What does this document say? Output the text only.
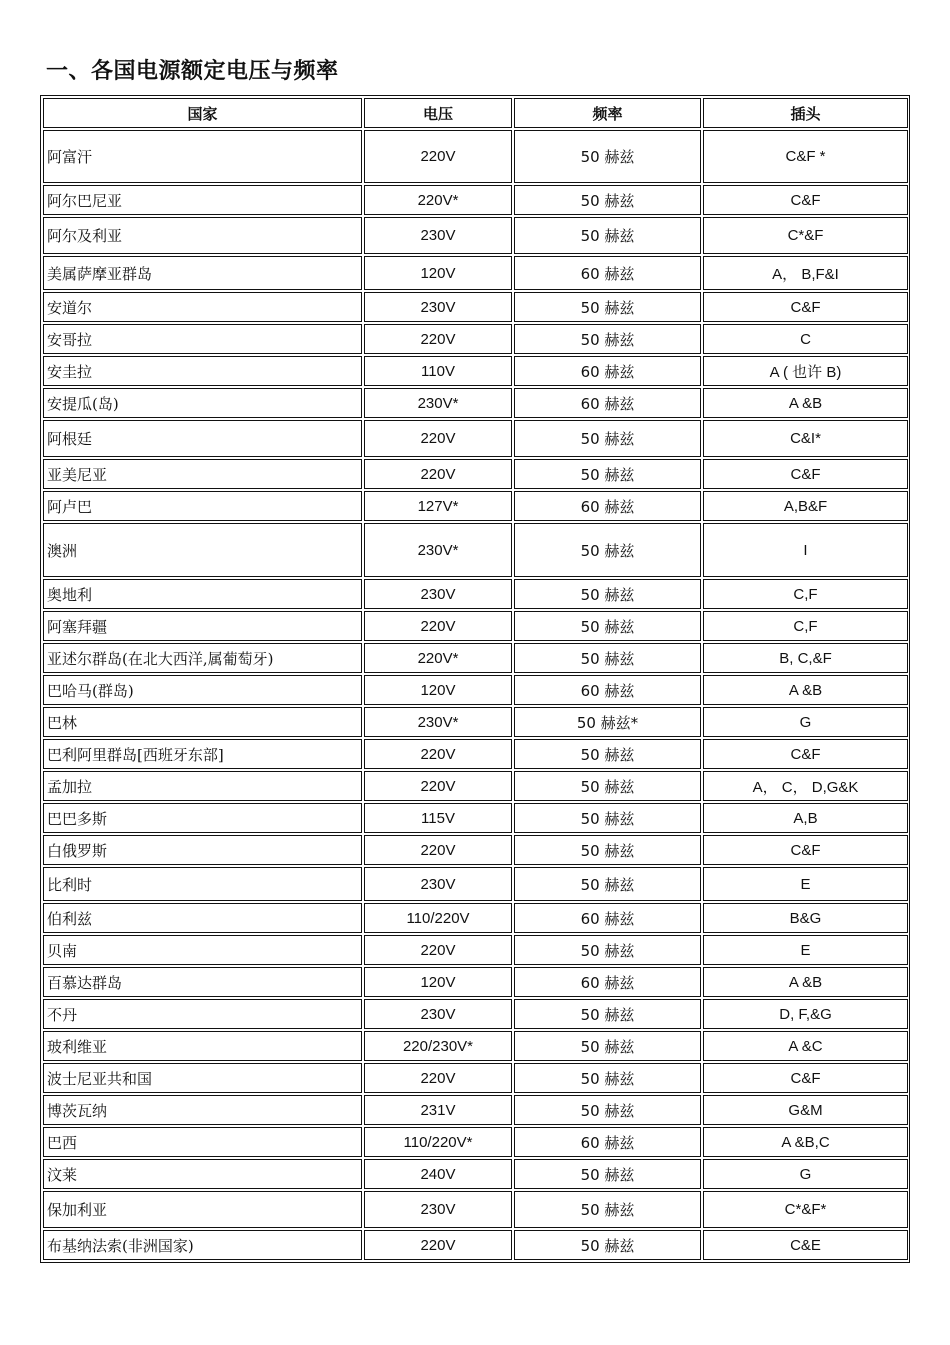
一、各国电源额定电压与频率
国家	电压	频率	插头
阿富汗	220V	50 赫兹	C&F *
阿尔巴尼亚	220V*	50 赫兹	C&F
阿尔及利亚	230V	50 赫兹	C*&F
美属萨摩亚群岛	120V	60 赫兹	A， B,F&I
安道尔	230V	50 赫兹	C&F
安哥拉	220V	50 赫兹	C
安圭拉	110V	60 赫兹	A ( 也许 B)
安提瓜(岛)	230V*	60 赫兹	A &B
阿根廷	220V	50 赫兹	C&I*
亚美尼亚	220V	50 赫兹	C&F
阿卢巴	127V*	60 赫兹	A,B&F
澳洲	230V*	50 赫兹	I
奥地利	230V	50 赫兹	C,F
阿塞拜疆	220V	50 赫兹	C,F
亚述尔群岛(在北大西洋,属葡萄牙)	220V*	50 赫兹	B, C,&F
巴哈马(群岛)	120V	60 赫兹	A &B
巴林	230V*	50 赫兹*	G
巴利阿里群岛[西班牙东部]	220V	50 赫兹	C&F
孟加拉	220V	50 赫兹	A， C， D,G&K
巴巴多斯	115V	50 赫兹	A,B
白俄罗斯	220V	50 赫兹	C&F
比利时	230V	50 赫兹	E
伯利兹	110/220V	60 赫兹	B&G
贝南	220V	50 赫兹	E
百慕达群岛	120V	60 赫兹	A &B
不丹	230V	50 赫兹	D, F,&G
玻利维亚	220/230V*	50 赫兹	A &C
波士尼亚共和国	220V	50 赫兹	C&F
博茨瓦纳	231V	50 赫兹	G&M
巴西	110/220V*	60 赫兹	A &B,C
汶莱	240V	50 赫兹	G
保加利亚	230V	50 赫兹	C*&F*
布基纳法索(非洲国家)	220V	50 赫兹	C&E
